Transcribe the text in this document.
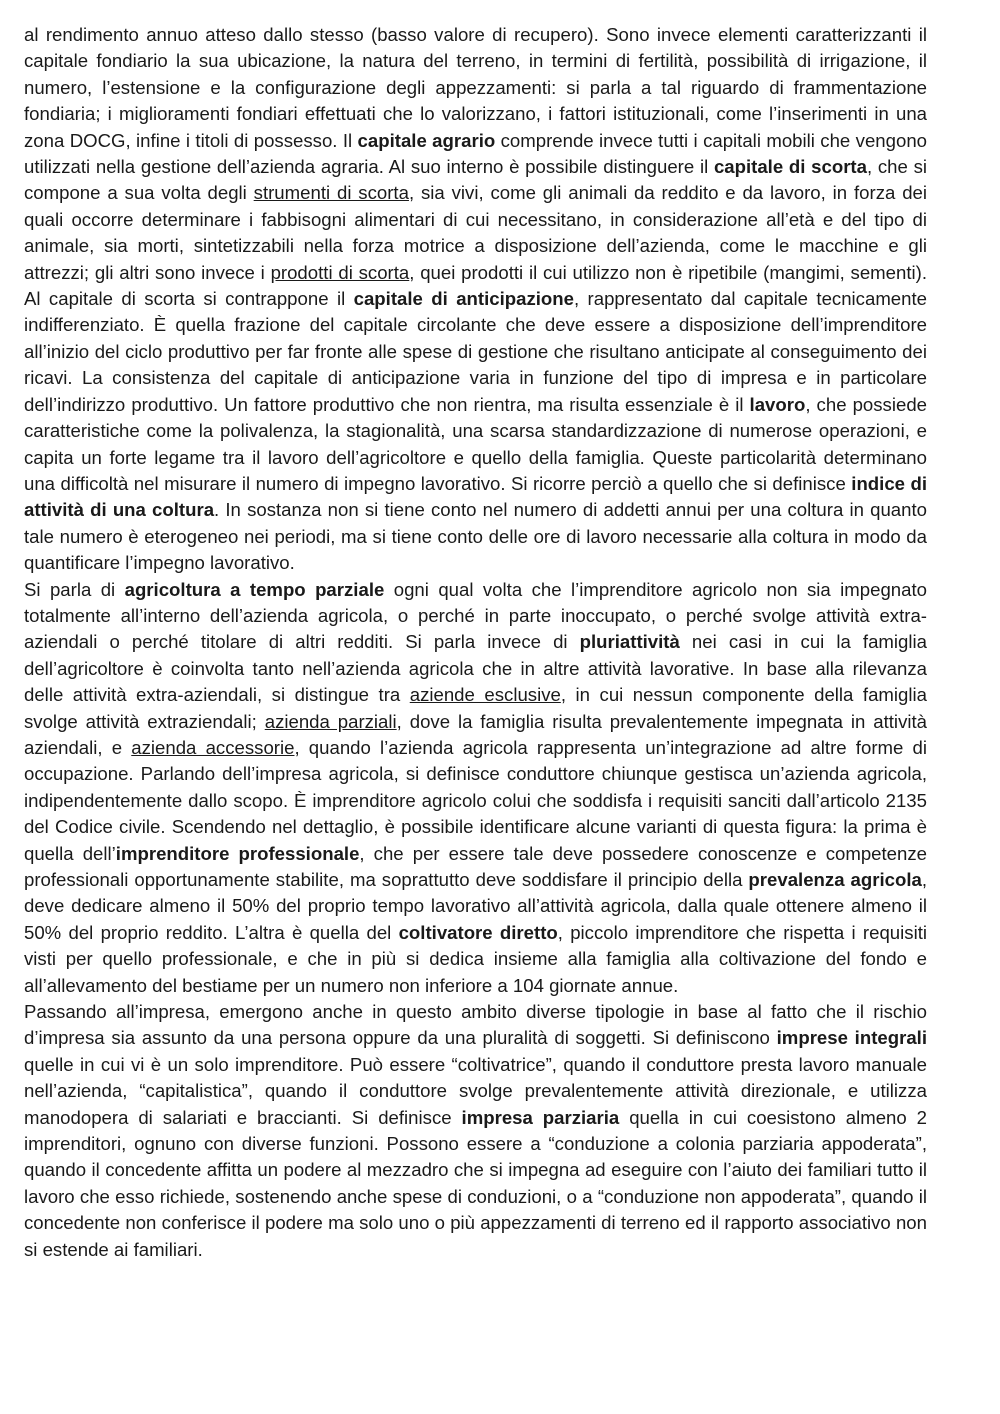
al rendimento annuo atteso dallo stesso (basso valore di recupero). Sono invece elementi caratterizzanti il capitale fondiario la sua ubicazione, la natura del terreno, in termini di fertilità, possibilità di irrigazione, il numero, l’estensione e la configurazione degli appezzamenti: si parla a tal riguardo di frammentazione fondiaria; i miglioramenti fondiari effettuati che lo valorizzano, i fattori istituzionali, come l’inserimenti in una zona DOCG, infine i titoli di possesso. Il capitale agrario comprende invece tutti i capitali mobili che vengono utilizzati nella gestione dell’azienda agraria. Al suo interno è possibile distinguere il capitale di scorta, che si compone a sua volta degli strumenti di scorta, sia vivi, come gli animali da reddito e da lavoro, in forza dei quali occorre determinare i fabbisogni alimentari di cui necessitano, in considerazione all’età e del tipo di animale, sia morti, sintetizzabili nella forza motrice a disposizione dell’azienda, come le macchine e gli attrezzi; gli altri sono invece i prodotti di scorta, quei prodotti il cui utilizzo non è ripetibile (mangimi, sementi). Al capitale di scorta si contrappone il capitale di anticipazione, rappresentato dal capitale tecnicamente indifferenziato. È quella frazione del capitale circolante che deve essere a disposizione dell’imprenditore all’inizio del ciclo produttivo per far fronte alle spese di gestione che risultano anticipate al conseguimento dei ricavi. La consistenza del capitale di anticipazione varia in funzione del tipo di impresa e in particolare dell’indirizzo produttivo. Un fattore produttivo che non rientra, ma risulta essenziale è il lavoro, che possiede caratteristiche come la polivalenza, la stagionalità, una scarsa standardizzazione di numerose operazioni, e capita un forte legame tra il lavoro dell’agricoltore e quello della famiglia. Queste particolarità determinano una difficoltà nel misurare il numero di impegno lavorativo. Si ricorre perciò a quello che si definisce indice di attività di una coltura. In sostanza non si tiene conto nel numero di addetti annui per una coltura in quanto tale numero è eterogeneo nei periodi, ma si tiene conto delle ore di lavoro necessarie alla coltura in modo da quantificare l’impegno lavorativo.

Si parla di agricoltura a tempo parziale ogni qual volta che l’imprenditore agricolo non sia impegnato totalmente all’interno dell’azienda agricola, o perché in parte inoccupato, o perché svolge attività extra-aziendali o perché titolare di altri redditi. Si parla invece di pluriattività nei casi in cui la famiglia dell’agricoltore è coinvolta tanto nell’azienda agricola che in altre attività lavorative. In base alla rilevanza delle attività extra-aziendali, si distingue tra aziende esclusive, in cui nessun componente della famiglia svolge attività extraziendali; azienda parziali, dove la famiglia risulta prevalentemente impegnata in attività aziendali, e azienda accessorie, quando l’azienda agricola rappresenta un’integrazione ad altre forme di occupazione. Parlando dell’impresa agricola, si definisce conduttore chiunque gestisca un’azienda agricola, indipendentemente dallo scopo. È imprenditore agricolo colui che soddisfa i requisiti sanciti dall’articolo 2135 del Codice civile. Scendendo nel dettaglio, è possibile identificare alcune varianti di questa figura: la prima è quella dell’imprenditore professionale, che per essere tale deve possedere conoscenze e competenze professionali opportunamente stabilite, ma soprattutto deve soddisfare il principio della prevalenza agricola, deve dedicare almeno il 50% del proprio tempo lavorativo all’attività agricola, dalla quale ottenere almeno il 50% del proprio reddito. L’altra è quella del coltivatore diretto, piccolo imprenditore che rispetta i requisiti visti per quello professionale, e che in più si dedica insieme alla famiglia alla coltivazione del fondo e all’allevamento del bestiame per un numero non inferiore a 104 giornate annue.

Passando all’impresa, emergono anche in questo ambito diverse tipologie in base al fatto che il rischio d’impresa sia assunto da una persona oppure da una pluralità di soggetti. Si definiscono imprese integrali quelle in cui vi è un solo imprenditore. Può essere “coltivatrice”, quando il conduttore presta lavoro manuale nell’azienda, “capitalistica”, quando il conduttore svolge prevalentemente attività direzionale, e utilizza manodopera di salariati e braccianti. Si definisce impresa parziaria quella in cui coesistono almeno 2 imprenditori, ognuno con diverse funzioni. Possono essere a “conduzione a colonia parziaria appoderata”, quando il concedente affitta un podere al mezzadro che si impegna ad eseguire con l’aiuto dei familiari tutto il lavoro che esso richiede, sostenendo anche spese di conduzioni, o a “conduzione non appoderata”, quando il concedente non conferisce il podere ma solo uno o più appezzamenti di terreno ed il rapporto associativo non si estende ai familiari.
